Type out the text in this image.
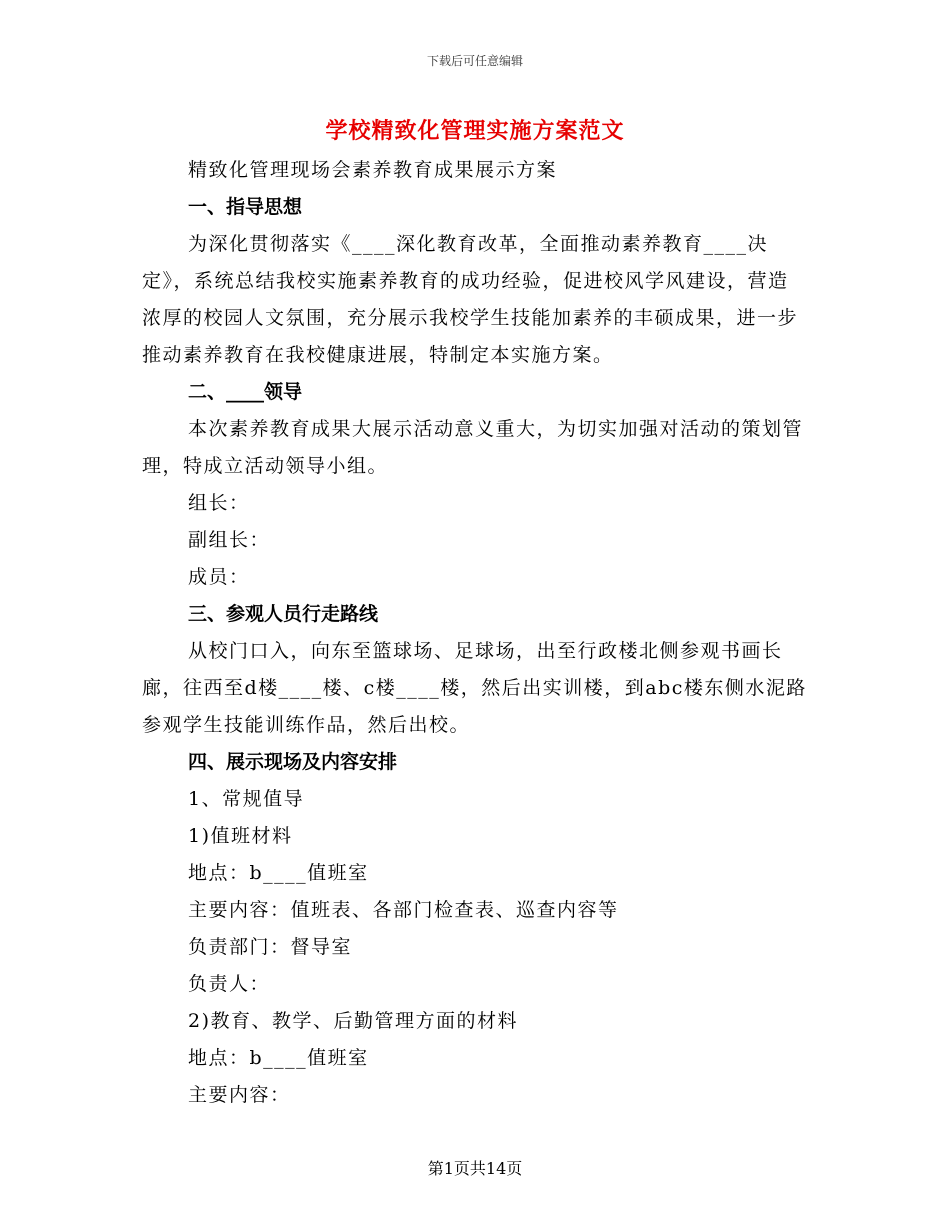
下载后可任意编辑
学校精致化管理实施方案范文

精致化管理现场会素养教育成果展示方案

一、指导思想

为深化贯彻落实《____深化教育改革，全面推动素养教育____决定》，系统总结我校实施素养教育的成功经验，促进校风学风建设，营造浓厚的校园人文氛围，充分展示我校学生技能加素养的丰硕成果，进一步推动素养教育在我校健康进展，特制定本实施方案。

二、____领导

本次素养教育成果大展示活动意义重大，为切实加强对活动的策划管理，特成立活动领导小组。

组长：

副组长：

成员：

三、参观人员行走路线

从校门口入，向东至篮球场、足球场，出至行政楼北侧参观书画长廊，往西至d楼____楼、c楼____楼，然后出实训楼，到abc楼东侧水泥路参观学生技能训练作品，然后出校。

四、展示现场及内容安排

1、常规值导

1)值班材料

地点：b____值班室

主要内容：值班表、各部门检查表、巡查内容等

负责部门：督导室

负责人：

2)教育、教学、后勤管理方面的材料

地点：b____值班室

主要内容：

第1页共14页
